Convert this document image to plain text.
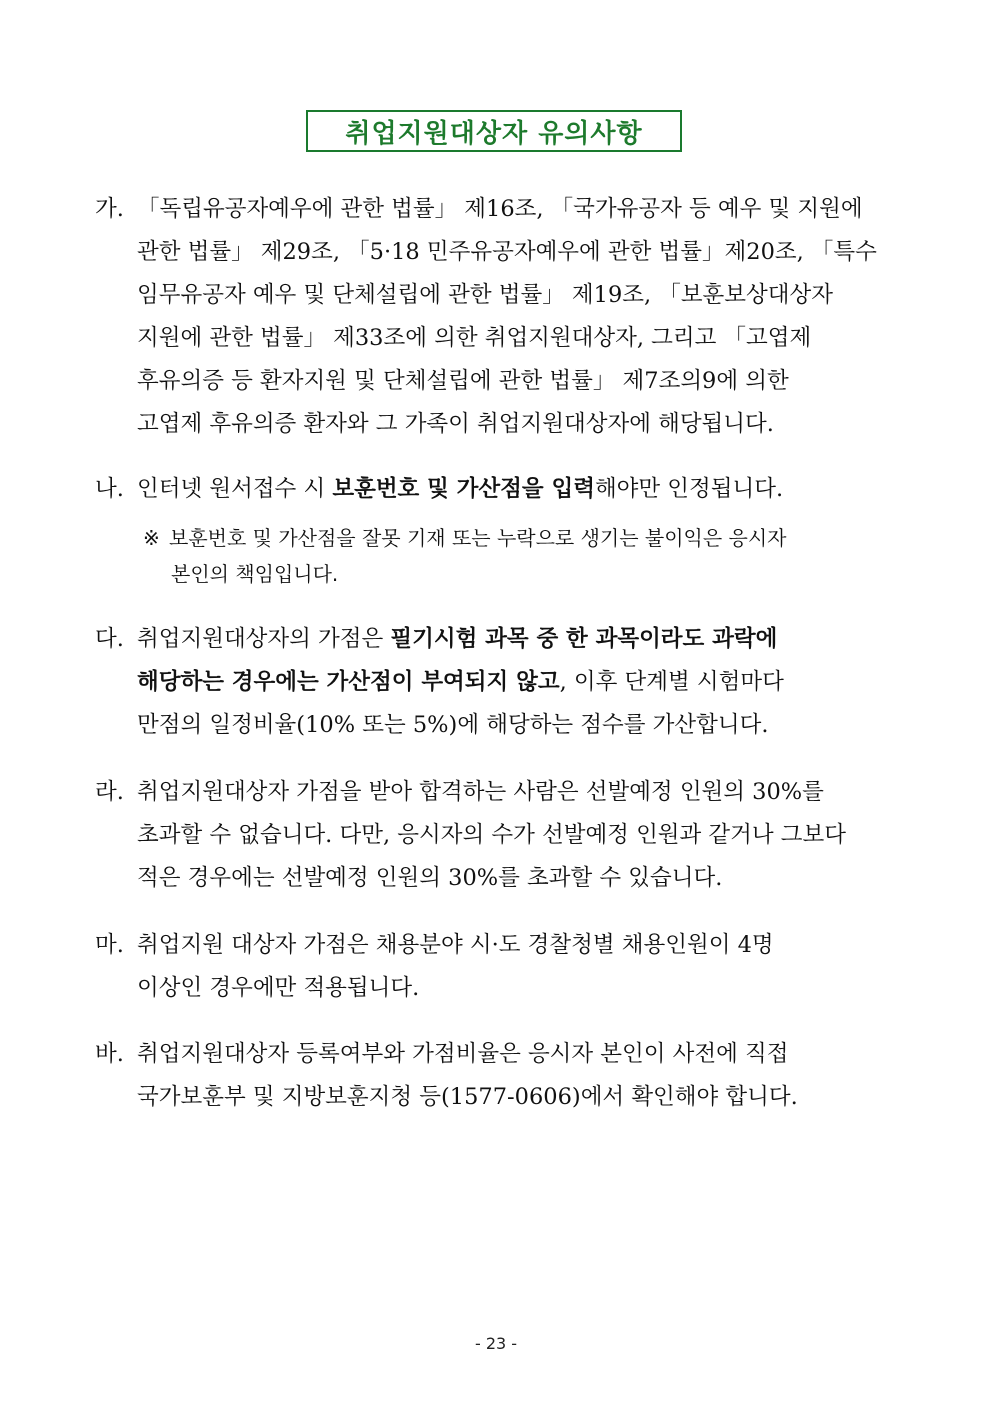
취업지원대상자 유의사항
가. 「독립유공자예우에 관한 법률」 제16조, 「국가유공자 등 예우 및 지원에
관한 법률」 제29조, 「5·18 민주유공자예우에 관한 법률」제20조, 「특수
임무유공자 예우 및 단체설립에 관한 법률」 제19조, 「보훈보상대상자
지원에 관한 법률」 제33조에 의한 취업지원대상자, 그리고 「고엽제
후유의증 등 환자지원 및 단체설립에 관한 법률」 제7조의9에 의한
고엽제 후유의증 환자와 그 가족이 취업지원대상자에 해당됩니다.
나. 인터넷 원서접수 시 보훈번호 및 가산점을 입력해야만 인정됩니다.
※ 보훈번호 및 가산점을 잘못 기재 또는 누락으로 생기는 불이익은 응시자
본인의 책임입니다.
다. 취업지원대상자의 가점은 필기시험 과목 중 한 과목이라도 과락에
해당하는 경우에는 가산점이 부여되지 않고, 이후 단계별 시험마다
만점의 일정비율(10% 또는 5%)에 해당하는 점수를 가산합니다.
라. 취업지원대상자 가점을 받아 합격하는 사람은 선발예정 인원의 30%를
초과할 수 없습니다. 다만, 응시자의 수가 선발예정 인원과 같거나 그보다
적은 경우에는 선발예정 인원의 30%를 초과할 수 있습니다.
마. 취업지원 대상자 가점은 채용분야 시·도 경찰청별 채용인원이 4명
이상인 경우에만 적용됩니다.
바. 취업지원대상자 등록여부와 가점비율은 응시자 본인이 사전에 직접
국가보훈부 및 지방보훈지청 등(1577-0606)에서 확인해야 합니다.
- 23 -
